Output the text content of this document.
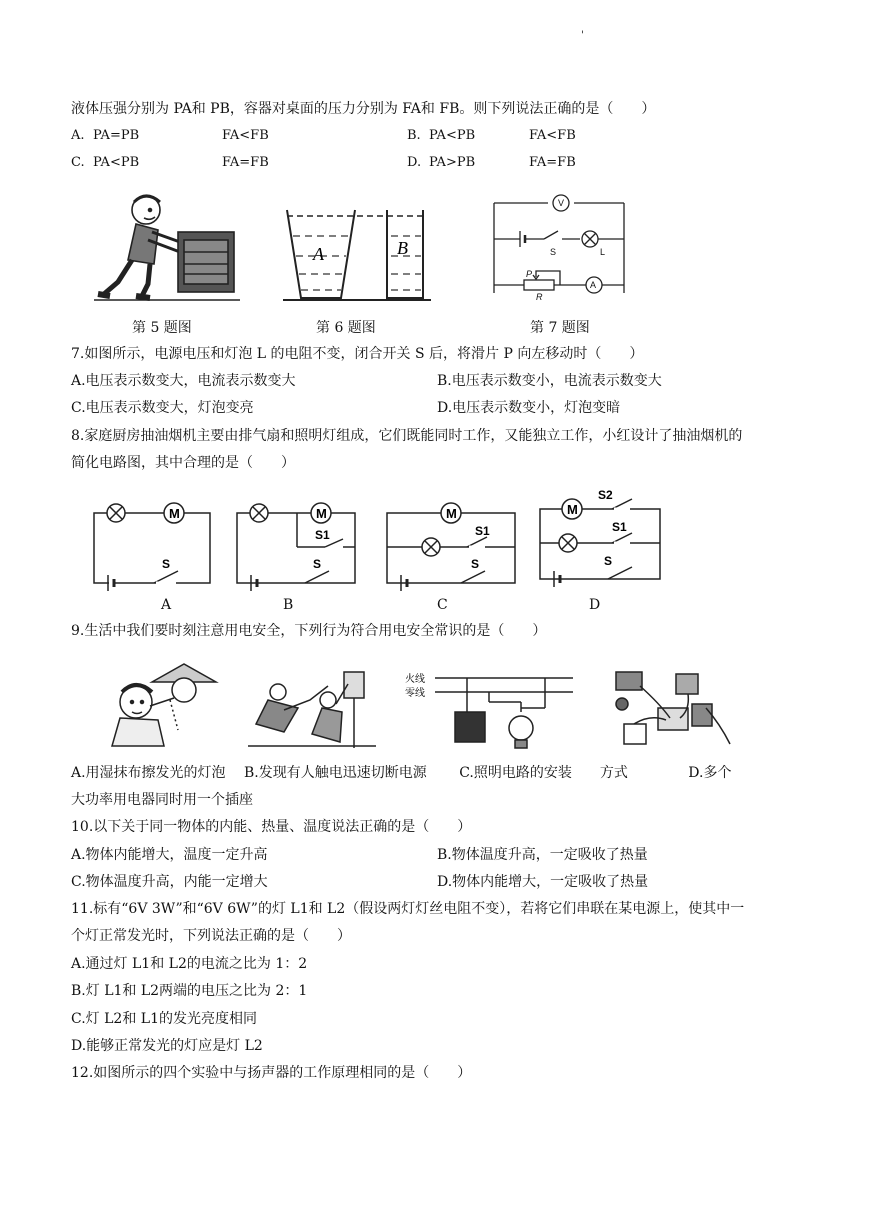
'
液体压强分别为 PA和 PB，容器对桌面的压力分别为 FA和 FB。则下列说法正确的是（　　）
A. PA=PB	FA<FB	B. PA<PB	FA<FB
C. PA<PB	FA=FB	D. PA>PB	FA=FB
A	B
V
S	L
P
R
A
第 5 题图	第 6 题图	第 7 题图
7.如图所示，电源电压和灯泡 L 的电阻不变，闭合开关 S 后，将滑片 P 向左移动时（　　）
A.电压表示数变大，电流表示数变大	B.电压表示数变小，电流表示数变大
C.电压表示数变大，灯泡变亮	D.电压表示数变小，灯泡变暗
8.家庭厨房抽油烟机主要由排气扇和照明灯组成，它们既能同时工作，又能独立工作，小红设计了抽油烟机的
简化电路图，其中合理的是（　　）
M
S
M
S1
S
M
S1
S
M
S2
S1
S
A	B	C	D
9.生活中我们要时刻注意用电安全，下列行为符合用电安全常识的是（　　）
火线
零线
A.用湿抹布擦发光的灯泡　 B.发现有人触电迅速切断电源　　 C.照明电路的安装　　方式　　　　 D.多个
大功率用电器同时用一个插座
10.以下关于同一物体的内能、热量、温度说法正确的是（　　）
A.物体内能增大，温度一定升高	B.物体温度升高，一定吸收了热量
C.物体温度升高，内能一定增大	D.物体内能增大，一定吸收了热量
11.标有“6V 3W”和“6V 6W”的灯 L1和 L2（假设两灯灯丝电阻不变），若将它们串联在某电源上，使其中一
个灯正常发光时，下列说法正确的是（　　）
A.通过灯 L1和 L2的电流之比为 1：2
B.灯 L1和 L2两端的电压之比为 2：1
C.灯 L2和 L1的发光亮度相同
D.能够正常发光的灯应是灯 L2
12.如图所示的四个实验中与扬声器的工作原理相同的是（　　）
